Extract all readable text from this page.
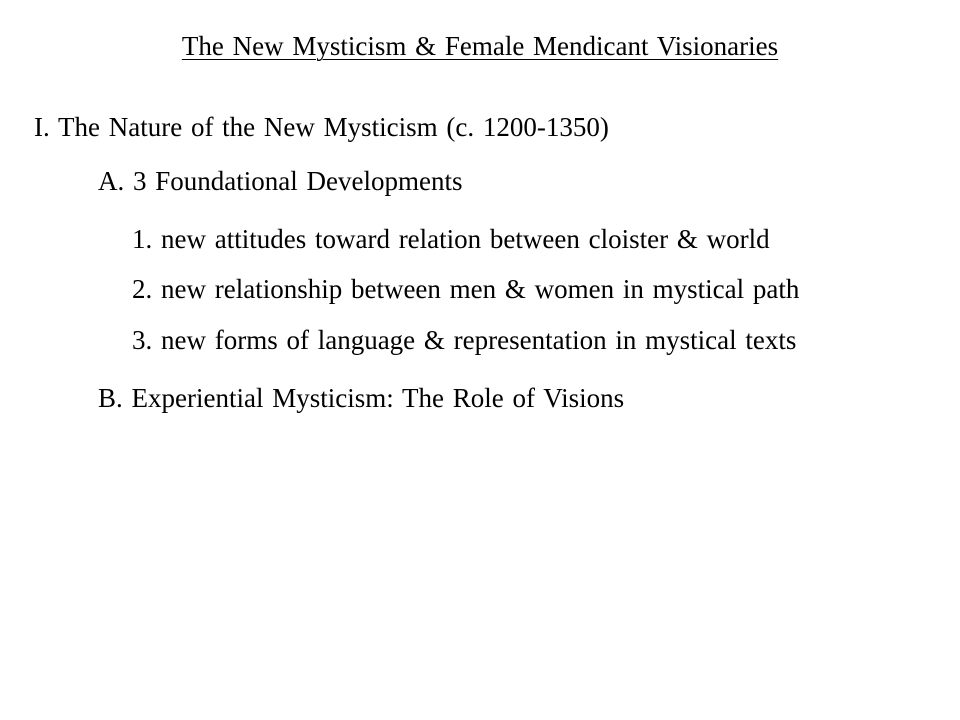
The New Mysticism & Female Mendicant Visionaries
I. The Nature of the New Mysticism (c. 1200-1350)
A. 3 Foundational Developments
1. new attitudes toward relation between cloister & world
2. new relationship between men & women in mystical path
3. new forms of language & representation in mystical texts
B. Experiential Mysticism: The Role of Visions
